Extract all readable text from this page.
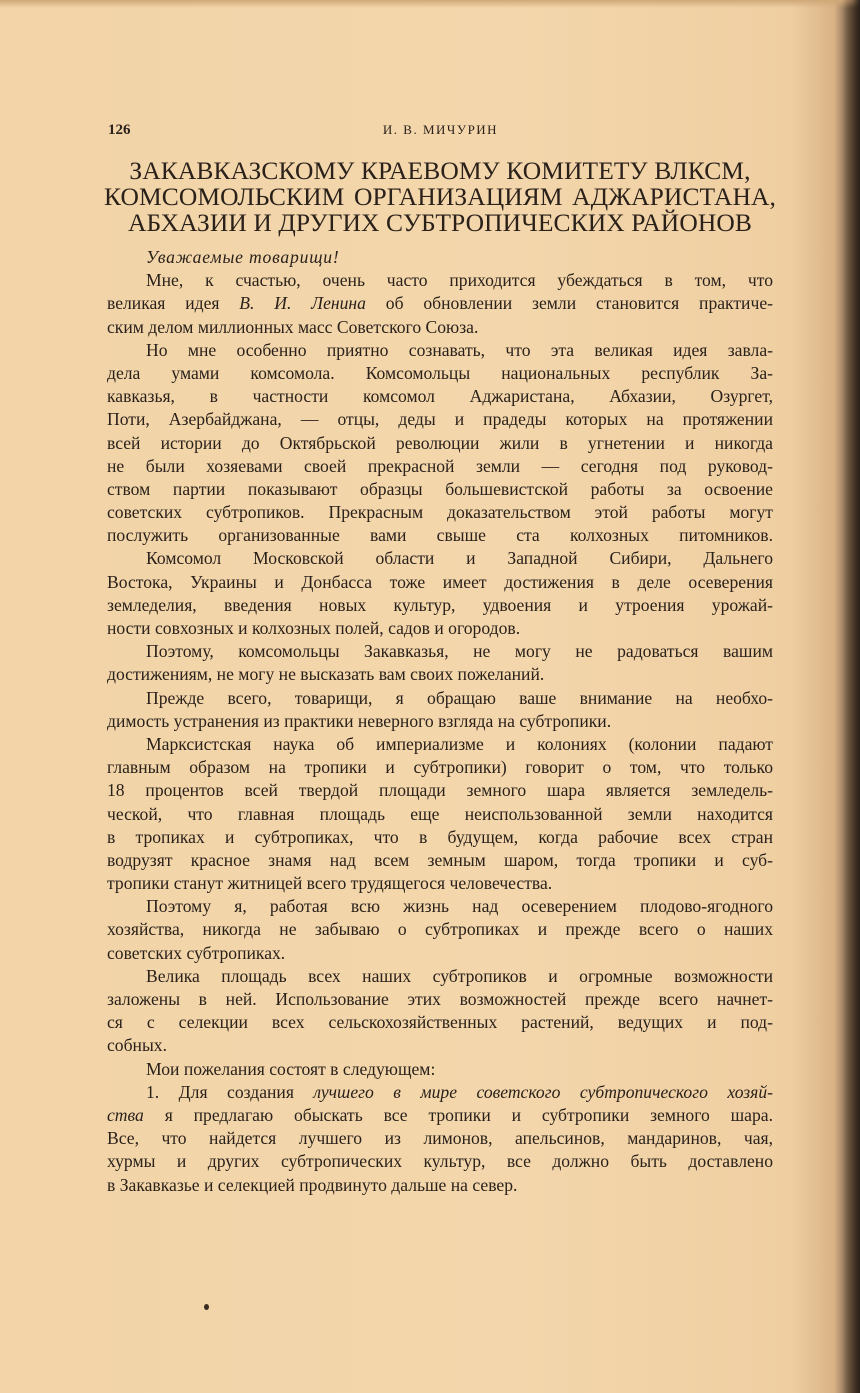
126	И. В. МИЧУРИН
ЗАКАВКАЗСКОМУ КРАЕВОМУ КОМИТЕТУ ВЛКСМ,
КОМСОМОЛЬСКИМ ОРГАНИЗАЦИЯМ АДЖАРИСТАНА,
АБХАЗИИ И ДРУГИХ СУБТРОПИЧЕСКИХ РАЙОНОВ
Уважаемые товарищи!
Мне, к счастью, очень часто приходится убеждаться в том, что
великая идея В. И. Ленина об обновлении земли становится практиче-
ским делом миллионных масс Советского Союза.
Но мне особенно приятно сознавать, что эта великая идея завла-
дела умами комсомола. Комсомольцы национальных республик За-
кавказья, в частности комсомол Аджаристана, Абхазии, Озургет,
Поти, Азербайджана, — отцы, деды и прадеды которых на протяжении
всей истории до Октябрьской революции жили в угнетении и никогда
не были хозяевами своей прекрасной земли — сегодня под руковод-
ством партии показывают образцы большевистской работы за освоение
советских субтропиков. Прекрасным доказательством этой работы могут
послужить организованные вами свыше ста колхозных питомников.
Комсомол Московской области и Западной Сибири, Дальнего
Востока, Украины и Донбасса тоже имеет достижения в деле осеверения
земледелия, введения новых культур, удвоения и утроения урожай-
ности совхозных и колхозных полей, садов и огородов.
Поэтому, комсомольцы Закавказья, не могу не радоваться вашим
достижениям, не могу не высказать вам своих пожеланий.
Прежде всего, товарищи, я обращаю ваше внимание на необхо-
димость устранения из практики неверного взгляда на субтропики.
Марксистская наука об империализме и колониях (колонии падают
главным образом на тропики и субтропики) говорит о том, что только
18 процентов всей твердой площади земного шара является земледель-
ческой, что главная площадь еще неиспользованной земли находится
в тропиках и субтропиках, что в будущем, когда рабочие всех стран
водрузят красное знамя над всем земным шаром, тогда тропики и суб-
тропики станут житницей всего трудящегося человечества.
Поэтому я, работая всю жизнь над осеверением плодово-ягодного
хозяйства, никогда не забываю о субтропиках и прежде всего о наших
советских субтропиках.
Велика площадь всех наших субтропиков и огромные возможности
заложены в ней. Использование этих возможностей прежде всего начнет-
ся с селекции всех сельскохозяйственных растений, ведущих и под-
собных.
Мои пожелания состоят в следующем:
1. Для создания лучшего в мире советского субтропического хозяй-
ства я предлагаю обыскать все тропики и субтропики земного шара.
Все, что найдется лучшего из лимонов, апельсинов, мандаринов, чая,
хурмы и других субтропических культур, все должно быть доставлено
в Закавказье и селекцией продвинуто дальше на север.
